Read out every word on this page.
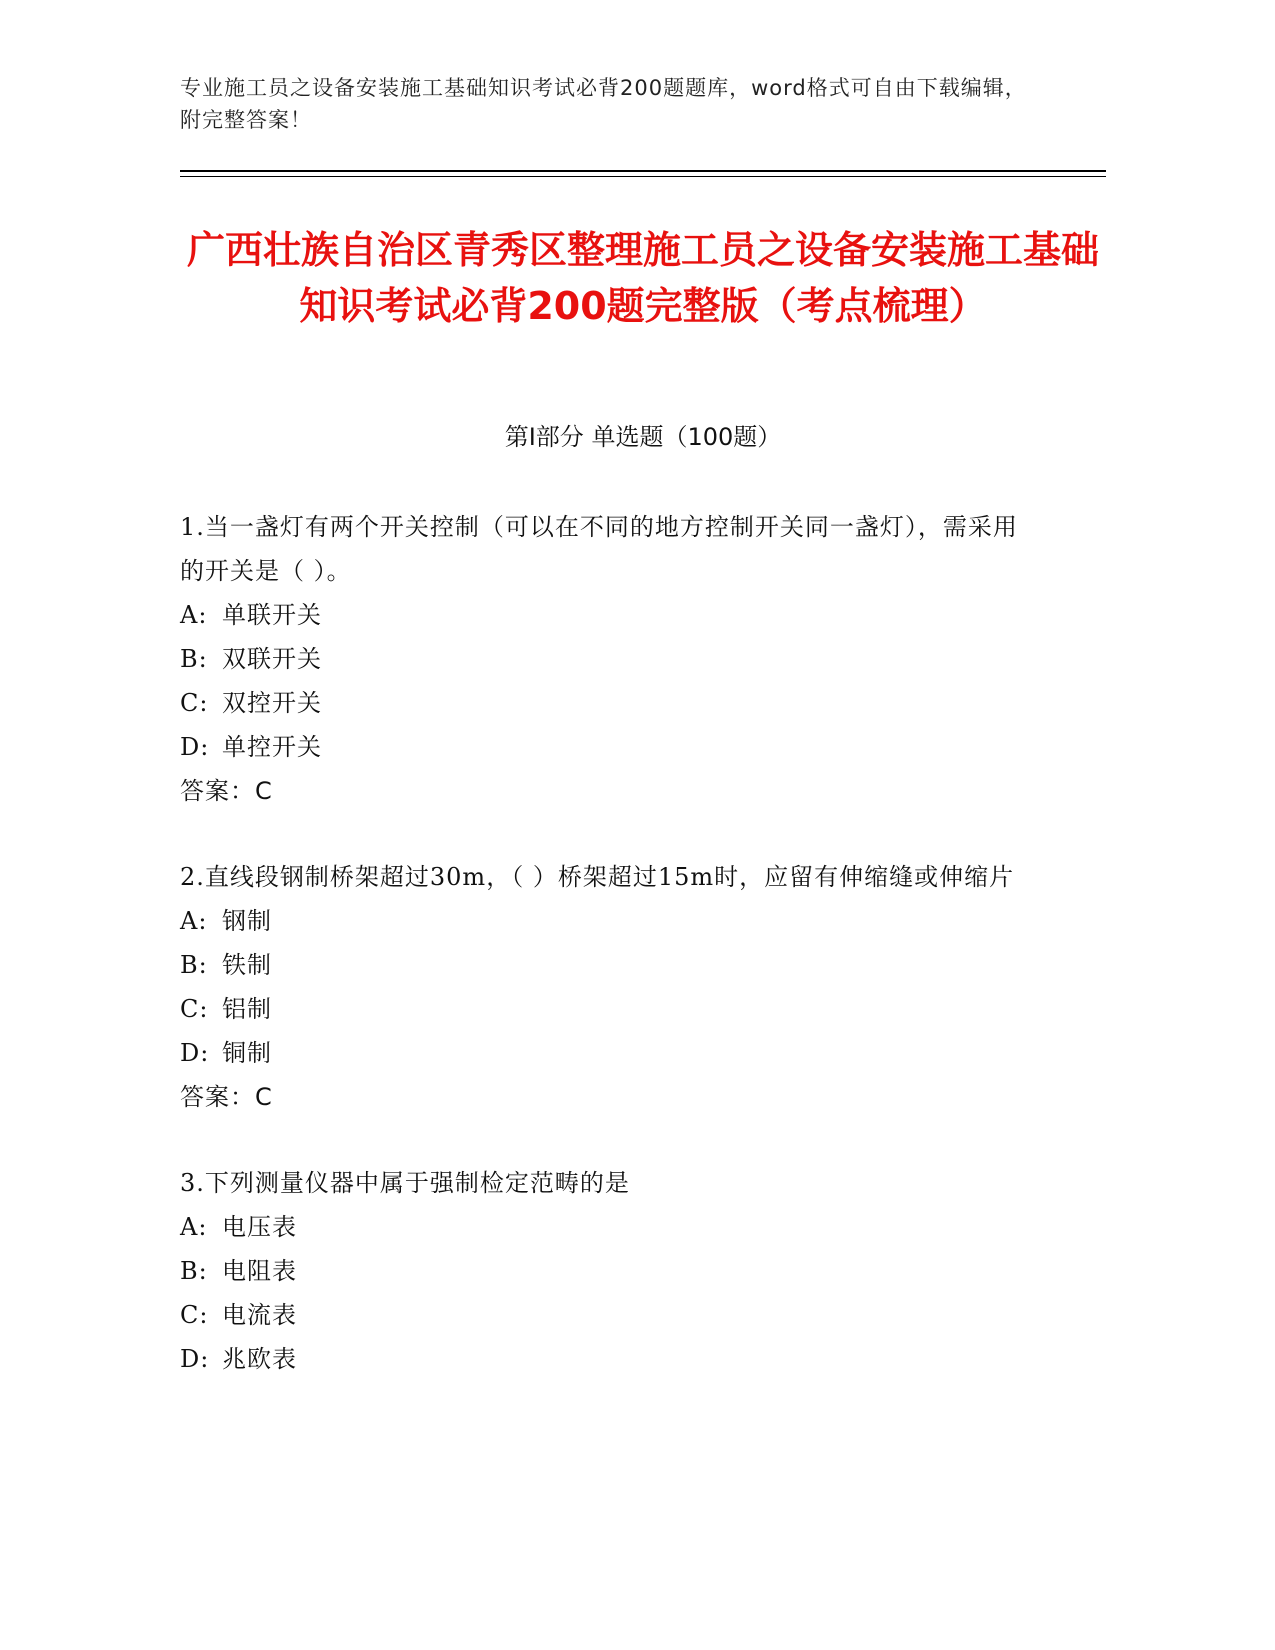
专业施工员之设备安装施工基础知识考试必背200题题库，word格式可自由下载编辑，附完整答案！
广西壮族自治区青秀区整理施工员之设备安装施工基础知识考试必背200题完整版（考点梳理）
第I部分 单选题（100题）
1.当一盏灯有两个开关控制（可以在不同的地方控制开关同一盏灯），需采用的开关是（ ）。
A: 单联开关
B: 双联开关
C: 双控开关
D: 单控开关
答案：C
2.直线段钢制桥架超过30m，（ ）桥架超过15m时，应留有伸缩缝或伸缩片
A: 钢制
B: 铁制
C: 铝制
D: 铜制
答案：C
3.下列测量仪器中属于强制检定范畴的是
A: 电压表
B: 电阻表
C: 电流表
D: 兆欧表
